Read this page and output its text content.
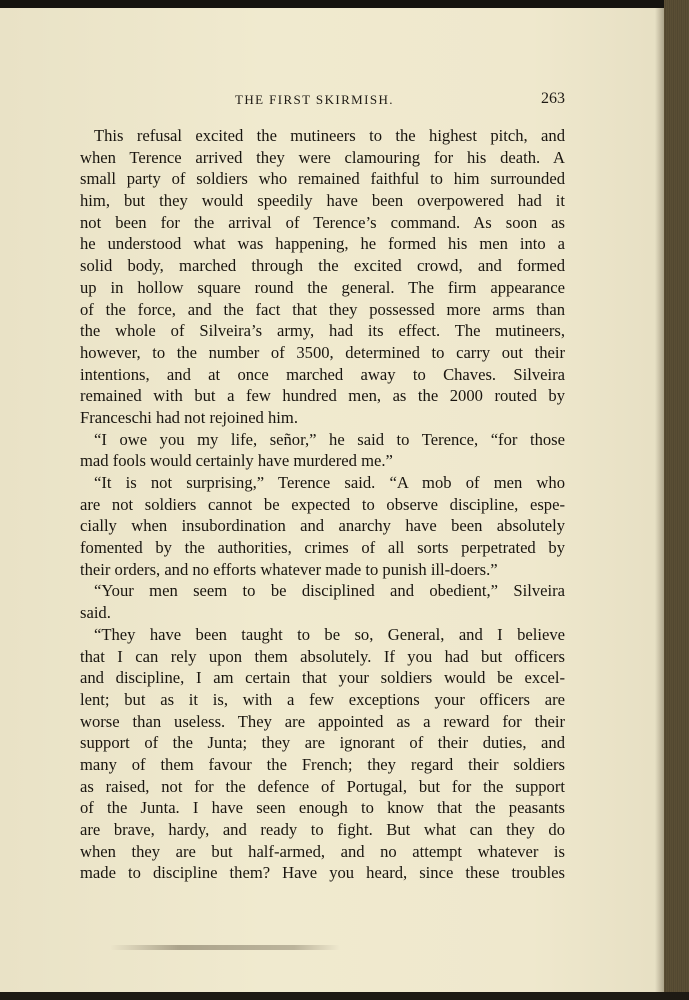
THE FIRST SKIRMISH.	263
This refusal excited the mutineers to the highest pitch, and
when Terence arrived they were clamouring for his death. A
small party of soldiers who remained faithful to him surrounded
him, but they would speedily have been overpowered had it
not been for the arrival of Terence’s command. As soon as
he understood what was happening, he formed his men into a
solid body, marched through the excited crowd, and formed
up in hollow square round the general. The firm appearance
of the force, and the fact that they possessed more arms than
the whole of Silveira’s army, had its effect. The mutineers,
however, to the number of 3500, determined to carry out their
intentions, and at once marched away to Chaves. Silveira
remained with but a few hundred men, as the 2000 routed by
Franceschi had not rejoined him.
“I owe you my life, señor,” he said to Terence, “for those
mad fools would certainly have murdered me.”
“It is not surprising,” Terence said. “A mob of men who
are not soldiers cannot be expected to observe discipline, espe-
cially when insubordination and anarchy have been absolutely
fomented by the authorities, crimes of all sorts perpetrated by
their orders, and no efforts whatever made to punish ill-doers.”
“Your men seem to be disciplined and obedient,” Silveira
said.
“They have been taught to be so, General, and I believe
that I can rely upon them absolutely. If you had but officers
and discipline, I am certain that your soldiers would be excel-
lent; but as it is, with a few exceptions your officers are
worse than useless. They are appointed as a reward for their
support of the Junta; they are ignorant of their duties, and
many of them favour the French; they regard their soldiers
as raised, not for the defence of Portugal, but for the support
of the Junta. I have seen enough to know that the peasants
are brave, hardy, and ready to fight. But what can they do
when they are but half-armed, and no attempt whatever is
made to discipline them? Have you heard, since these troubles
